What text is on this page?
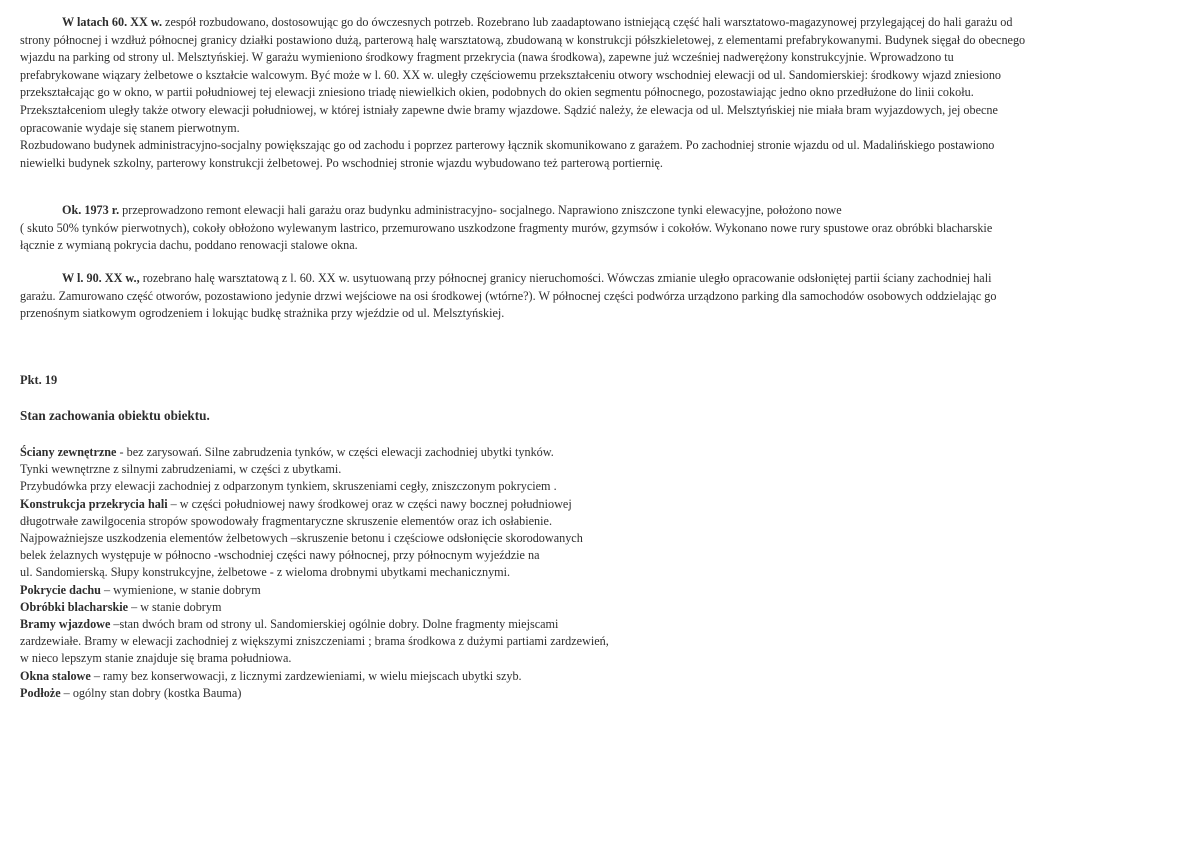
W latach 60. XX w. zespół rozbudowano, dostosowując go do ówczesnych potrzeb. Rozebrano lub zaadaptowano istniejącą część hali warsztatowo-magazynowej przylegającej do hali garażu od
strony północnej i wzdłuż północnej granicy działki postawiono dużą, parterową halę warsztatową, zbudowaną w konstrukcji półszkieletowej, z elementami prefabrykowanymi. Budynek sięgał do obecnego
wjazdu na parking od strony ul. Melsztyńskiej. W garażu wymieniono środkowy fragment przekrycia (nawa środkowa), zapewne już wcześniej nadwerężony konstrukcyjnie. Wprowadzono tu
prefabrykowane wiązary żelbetowe o kształcie walcowym. Być może w l. 60. XX w. uległy częściowemu przekształceniu otwory wschodniej elewacji od ul. Sandomierskiej: środkowy wjazd zniesiono
przekształcając go w okno, w partii południowej tej elewacji zniesiono triadę niewielkich okien, podobnych do okien segmentu północnego, pozostawiając jedno okno przedłużone do linii cokołu.
Przekształceniom uległy także otwory elewacji południowej, w której istniały zapewne dwie bramy wjazdowe. Sądzić należy, że elewacja od ul. Melsztyńskiej nie miała bram wyjazdowych, jej obecne
opracowanie wydaje się stanem pierwotnym.
Rozbudowano budynek administracyjno-socjalny powiększając go od zachodu i poprzez parterowy łącznik skomunikowano z garażem. Po zachodniej stronie wjazdu od ul. Madalińskiego postawiono
niewielki budynek szkolny, parterowy konstrukcji żelbetowej. Po wschodniej stronie wjazdu wybudowano też parterową portiernię.
Ok. 1973 r. przeprowadzono remont elewacji hali garażu oraz budynku administracyjno- socjalnego. Naprawiono zniszczone tynki elewacyjne, położono nowe
( skuto 50% tynków pierwotnych), cokoły obłożono wylewanym lastrico, przemurowano uszkodzone fragmenty murów, gzymsów i cokołów. Wykonano nowe rury spustowe oraz obróbki blacharskie
łącznie z wymianą pokrycia dachu, poddano renowacji stalowe okna.
W l. 90. XX w., rozebrano halę warsztatową z l. 60. XX w. usytuowaną przy północnej granicy nieruchomości. Wówczas zmianie uległo opracowanie odsłoniętej partii ściany zachodniej hali
garażu. Zamurowano część otworów, pozostawiono jedynie drzwi wejściowe na osi środkowej (wtórne?). W północnej części podwórza urządzono parking dla samochodów osobowych oddzielając go
przenośnym siatkowym ogrodzeniem i lokując budkę strażnika przy wjeździe od ul. Melsztyńskiej.
Pkt. 19
Stan zachowania obiektu obiektu.
Ściany zewnętrzne - bez zarysowań. Silne zabrudzenia tynków, w części elewacji zachodniej ubytki tynków.
Tynki wewnętrzne z silnymi zabrudzeniami, w części z ubytkami.
Przybudówka przy elewacji zachodniej z odparzonym tynkiem, skruszeniami cegły, zniszczonym pokryciem .
Konstrukcja przekrycia hali – w części południowej nawy środkowej oraz w części nawy bocznej południowej
długotrwałe zawilgocenia stropów spowodowały fragmentaryczne skruszenie elementów oraz ich osłabienie.
Najpoważniejsze uszkodzenia elementów żelbetowych –skruszenie betonu i częściowe odsłonięcie skorodowanych
belek żelaznych występuje w północno -wschodniej części nawy północnej, przy północnym wyjeździe na
ul. Sandomierską. Słupy konstrukcyjne, żelbetowe - z wieloma drobnymi ubytkami mechanicznymi.
Pokrycie dachu – wymienione, w stanie dobrym
Obróbki blacharskie – w stanie dobrym
Bramy wjazdowe –stan dwóch bram od strony ul. Sandomierskiej ogólnie dobry. Dolne fragmenty miejscami
zardzewiałe. Bramy w elewacji zachodniej z większymi zniszczeniami ; brama środkowa z dużymi partiami zardzewień,
w nieco lepszym stanie znajduje się brama południowa.
Okna stalowe – ramy bez konserwowacji, z licznymi zardzewieniami, w wielu miejscach ubytki szyb.
Podłoże – ogólny stan dobry (kostka Bauma)
